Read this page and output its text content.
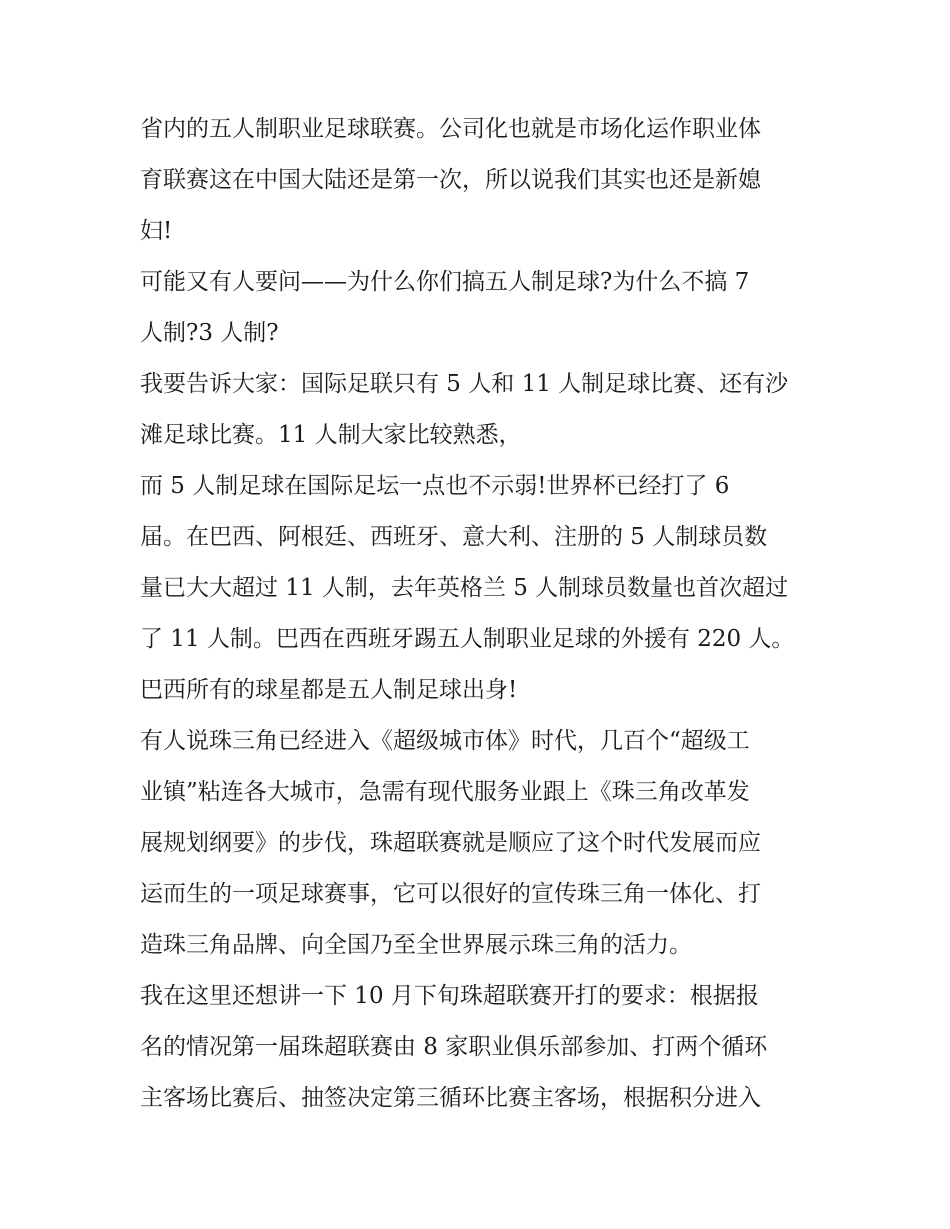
省内的五人制职业足球联赛。公司化也就是市场化运作职业体
育联赛这在中国大陆还是第一次，所以说我们其实也还是新媳
妇!
可能又有人要问——为什么你们搞五人制足球?为什么不搞 7
人制?3 人制?
我要告诉大家：国际足联只有 5 人和 11 人制足球比赛、还有沙
滩足球比赛。11 人制大家比较熟悉，
而 5 人制足球在国际足坛一点也不示弱!世界杯已经打了 6
届。在巴西、阿根廷、西班牙、意大利、注册的 5 人制球员数
量已大大超过 11 人制，去年英格兰 5 人制球员数量也首次超过
了 11 人制。巴西在西班牙踢五人制职业足球的外援有 220 人。
巴西所有的球星都是五人制足球出身!
有人说珠三角已经进入《超级城市体》时代，几百个“超级工
业镇”粘连各大城市，急需有现代服务业跟上《珠三角改革发
展规划纲要》的步伐，珠超联赛就是顺应了这个时代发展而应
运而生的一项足球赛事，它可以很好的宣传珠三角一体化、打
造珠三角品牌、向全国乃至全世界展示珠三角的活力。
我在这里还想讲一下 10 月下旬珠超联赛开打的要求：根据报
名的情况第一届珠超联赛由 8 家职业俱乐部参加、打两个循环
主客场比赛后、抽签决定第三循环比赛主客场，根据积分进入
